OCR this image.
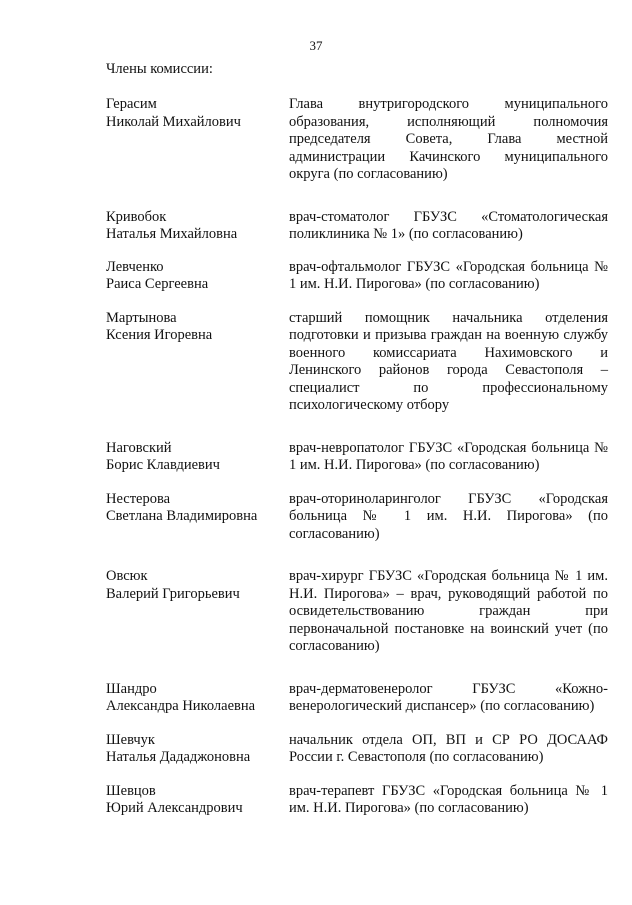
37
Члены комиссии:
Герасим
Николай Михайлович
Глава внутригородского муниципального образования, исполняющий полномочия председателя Совета, Глава местной администрации Качинского муниципального округа (по согласованию)
Кривобок
Наталья Михайловна
врач-стоматолог ГБУЗС «Стоматологическая поликлиника № 1» (по согласованию)
Левченко
Раиса Сергеевна
врач-офтальмолог ГБУЗС «Городская больница № 1 им. Н.И. Пирогова» (по согласованию)
Мартынова
Ксения Игоревна
старший помощник начальника отделения подготовки и призыва граждан на военную службу военного комиссариата Нахимовского и Ленинского районов города Севастополя – специалист по профессиональному психологическому отбору
Наговский
Борис Клавдиевич
врач-невропатолог ГБУЗС «Городская больница № 1 им. Н.И. Пирогова» (по согласованию)
Нестерова
Светлана Владимировна
врач-оториноларинголог ГБУЗС «Городская больница № 1 им. Н.И. Пирогова» (по согласованию)
Овсюк
Валерий Григорьевич
врач-хирург ГБУЗС «Городская больница № 1 им. Н.И. Пирогова» – врач, руководящий работой по освидетельствованию граждан при первоначальной постановке на воинский учет (по согласованию)
Шандро
Александра Николаевна
врач-дерматовенеролог ГБУЗС «Кожно-венерологический диспансер» (по согласованию)
Шевчук
Наталья Дададжоновна
начальник отдела ОП, ВП и СР РО ДОСААФ России г. Севастополя (по согласованию)
Шевцов
Юрий Александрович
врач-терапевт ГБУЗС «Городская больница № 1 им. Н.И. Пирогова» (по согласованию)
